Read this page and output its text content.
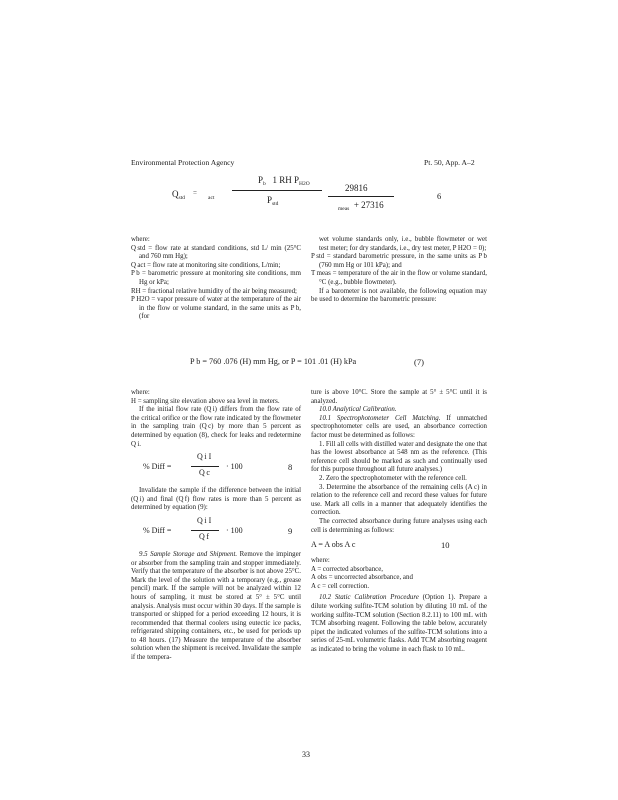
Environmental Protection Agency	Pt. 50, App. A–2
$Q_{std}$
=
act
$P_b$ 1 RH $P_{H2O}$
$P_{std}$
29816
$_{meas}$ + 27316
6

where:

Q std = flow rate at standard conditions, std L/ min (25°C and 760 mm Hg);

Q act = flow rate at monitoring site conditions, L/min;

P b = barometric pressure at monitoring site conditions, mm Hg or kPa;

RH = fractional relative humidity of the air being measured;

P H2O = vapor pressure of water at the temperature of the air in the flow or volume standard, in the same units as P b, (for

wet volume standards only, i.e., bubble flowmeter or wet test meter; for dry standards, i.e., dry test meter, P H2O = 0);

P std = standard barometric pressure, in the same units as P b (760 mm Hg or 101 kPa); and

T meas = temperature of the air in the flow or volume standard, °C (e.g., bubble flowmeter).

If a barometer is not available, the following equation may be used to determine the barometric pressure:

P b = 760 .076 (H) mm Hg, or P = 101 .01 (H) kPa	(7)

where:

H = sampling site elevation above sea level in meters.

If the initial flow rate (Q i) differs from the flow rate of the critical orifice or the flow rate indicated by the flowmeter in the sampling train (Q c) by more than 5 percent as determined by equation (8), check for leaks and redetermine Q i.

% Diff =
Q i I
Q c
· 100	8

Invalidate the sample if the difference between the initial (Q i) and final (Q f) flow rates is more than 5 percent as determined by equation (9):

% Diff =
Q i I
Q f
· 100	9

9.5 Sample Storage and Shipment. Remove the impinger or absorber from the sampling train and stopper immediately. Verify that the temperature of the absorber is not above 25°C. Mark the level of the solution with a temporary (e.g., grease pencil) mark. If the sample will not be analyzed within 12 hours of sampling, it must be stored at 5° ± 5°C until analysis. Analysis must occur within 30 days. If the sample is transported or shipped for a period exceeding 12 hours, it is recommended that thermal coolers using eutectic ice packs, refrigerated shipping containers, etc., be used for periods up to 48 hours. (17) Measure the temperature of the absorber solution when the shipment is received. Invalidate the sample if the tempera-

ture is above 10°C. Store the sample at 5° ± 5°C until it is analyzed.

10.0 Analytical Calibration.

10.1 Spectrophotometer Cell Matching. If unmatched spectrophotometer cells are used, an absorbance correction factor must be determined as follows:

1. Fill all cells with distilled water and designate the one that has the lowest absorbance at 548 nm as the reference. (This reference cell should be marked as such and continually used for this purpose throughout all future analyses.)

2. Zero the spectrophotometer with the reference cell.

3. Determine the absorbance of the remaining cells (A c) in relation to the reference cell and record these values for future use. Mark all cells in a manner that adequately identifies the correction.

The corrected absorbance during future analyses using each cell is determining as follows:

A = A obs A c	10

where:

A = corrected absorbance,

A obs = uncorrected absorbance, and

A c = cell correction.

10.2 Static Calibration Procedure (Option 1). Prepare a dilute working sulfite-TCM solution by diluting 10 mL of the working sulfite-TCM solution (Section 8.2.11) to 100 mL with TCM absorbing reagent. Following the table below, accurately pipet the indicated volumes of the sulfite-TCM solutions into a series of 25-mL volumetric flasks. Add TCM absorbing reagent as indicated to bring the volume in each flask to 10 mL.

33
